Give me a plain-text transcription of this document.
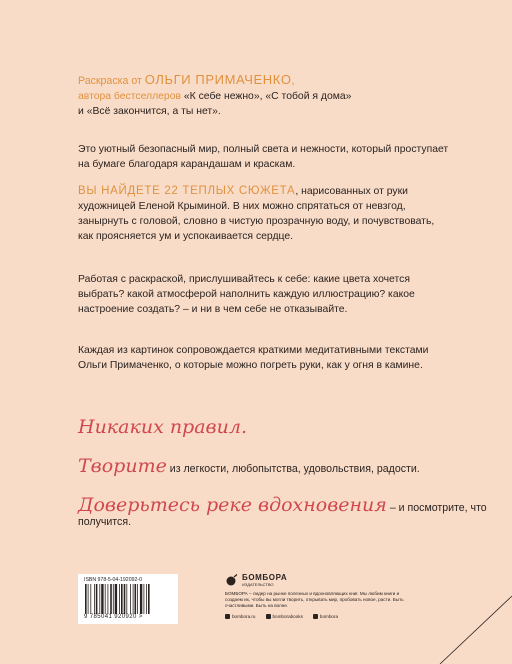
Раскраска от ОЛЬГИ ПРИМАЧЕНКО,
автора бестселлеров «К себе нежно», «С тобой я дома»
и «Всё закончится, а ты нет».

Это уютный безопасный мир, полный света и нежности, который проступает на бумаге благодаря карандашам и краскам.

ВЫ НАЙДЕТЕ 22 ТЕПЛЫХ СЮЖЕТА, нарисованных от руки художницей Еленой Крыминой. В них можно спрятаться от невзгод, занырнуть с головой, словно в чистую прозрачную воду, и почувствовать, как проясняется ум и успокаивается сердце.

Работая с раскраской, прислушивайтесь к себе: какие цвета хочется выбрать? какой атмосферой наполнить каждую иллюстрацию? какое настроение создать? – и ни в чем себе не отказывайте.

Каждая из картинок сопровождается краткими медитативными текстами Ольги Примаченко, о которые можно погреть руки, как у огня в камине.

Никаких правил.
Творите из легкости, любопытства, удовольствия, радости.
Доверьтесь реке вдохновения – и посмотрите, что получится.
ISBN 978-5-04-192092-0
9 785041 920920 >
БОМБОРА
ИЗДАТЕЛЬСТВО
БОМБОРА – лидер на рынке полезных и вдохновляющих книг. Мы любим книги и создаем их, чтобы вы могли творить, открывать мир, пробовать новое, расти. Быть счастливыми. Быть на волне.
bombora.ru	bomborabooks	bombora
